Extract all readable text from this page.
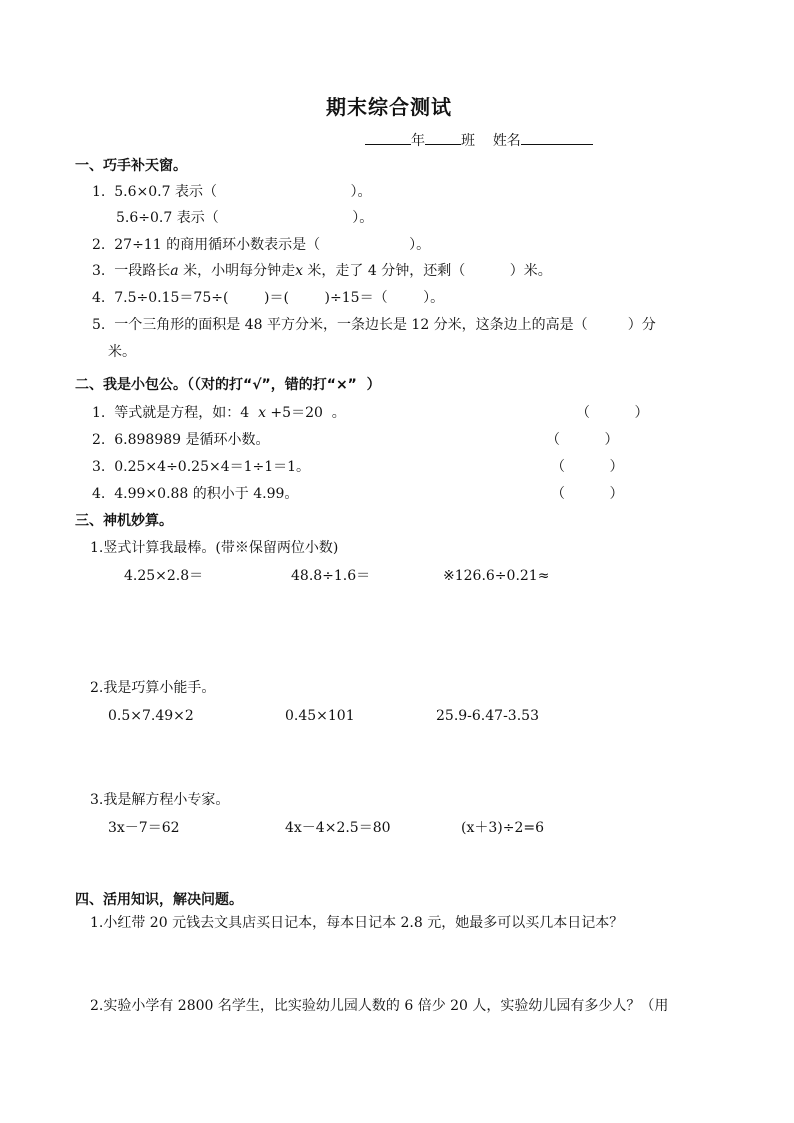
期末综合测试
年	班 姓名
一、巧手补天窗。
1.  5.6×0.7 表示（                              ）。
5.6÷0.7 表示（                              ）。
2.  27÷11 的商用循环小数表示是（                    ）。
3.  一段路长a 米，小明每分钟走x 米，走了 4 分钟，还剩（          ）米。
4.  7.5÷0.15＝75÷(        )＝(        )÷15＝（        ）。
5.  一个三角形的面积是 48 平方分米，一条边长是 12 分米，这条边上的高是（         ）分
米。
二、我是小包公。（（对的打“√”，错的打“×”  ）
1.  等式就是方程，如：4  x +5＝20  。	（          ）
2.  6.898989 是循环小数。	（          ）
3.  0.25×4÷0.25×4＝1÷1＝1。	（          ）
4.  4.99×0.88 的积小于 4.99。	（          ）
三、神机妙算。
1.竖式计算我最棒。(带※保留两位小数)
4.25×2.8＝	48.8÷1.6＝	※126.6÷0.21≈
2.我是巧算小能手。
0.5×7.49×2	0.45×101	25.9-6.47-3.53
3.我是解方程小专家。
3x－7＝62	4x－4×2.5＝80	(x＋3)÷2=6
四、活用知识，解决问题。
1.小红带 20 元钱去文具店买日记本，每本日记本 2.8 元，她最多可以买几本日记本？
2.实验小学有 2800 名学生，比实验幼儿园人数的 6 倍少 20 人，实验幼儿园有多少人？（用
